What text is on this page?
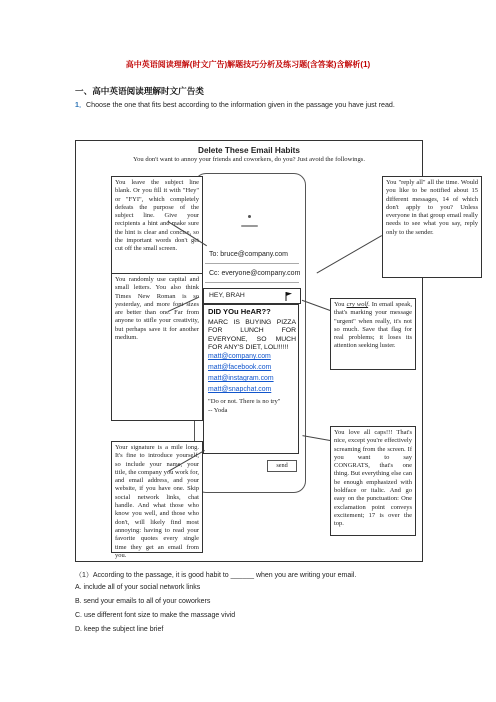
高中英语阅读理解(时文广告)解题技巧分析及练习题(含答案)含解析(1)
一、高中英语阅读理解时文广告类
1．Choose the one that fits best according to the information given in the passage you have just read.
Delete These Email Habits
You don't want to annoy your friends and coworkers, do you? Just avoid the followings.
To: bruce@company.com
Cc: everyone@company.com
HEY, BRAH
DID YOu HeAR??
MARC IS BUYING PIZZA FOR LUNCH FOR EVERYONE, SO MUCH FOR ANY'S DIET, LOL!!!!!!
matt@company.com
matt@facebook.com
matt@instagram.com
matt@snapchat.com
"Do or not. There is no try"
-- Yoda
send
You leave the subject line blank. Or you fill it with "Hey" or "FYI", which completely defeats the purpose of the subject line. Give your recipients a hint and make sure the hint is clear and concise, so the important words don't get cut off the small screen.
You "reply all" all the time. Would you like to be notified about 15 different messages, 14 of which don't apply to you? Unless everyone in that group email really needs to see what you say, reply only to the sender.
You randomly use capital and small letters. You also think Times New Roman is so yesterday, and more font sizes are better than one. Far from anyone to stifle your creativity, but perhaps save it for another medium.
You cry wolf. In email speak, that's marking your message "urgent" when really, it's not so much. Save that flag for real problems; it loses its attention seeking luster.
Your signature is a mile long. It's fine to introduce yourself, so include your name, your title, the company you work for, and email address, and your website, if you have one. Skip social network links, chat handle. And what those who know you well, and those who don't, will likely find most annoying: having to read your favorite quotes every single time they get an email from you.
You love all caps!!! That's nice, except you're effectively screaming from the screen. If you want to say CONGRATS, that's one thing. But everything else can be enough emphasized with boldface or italic. And go easy on the punctuation: One exclamation point conveys excitement; 17 is over the top.
（1）According to the passage, it is good habit to ______ when you are writing your email.
A. include all of your social network links
B. send your emails to all of your coworkers
C. use different font size to make the massage vivid
D. keep the subject line brief
